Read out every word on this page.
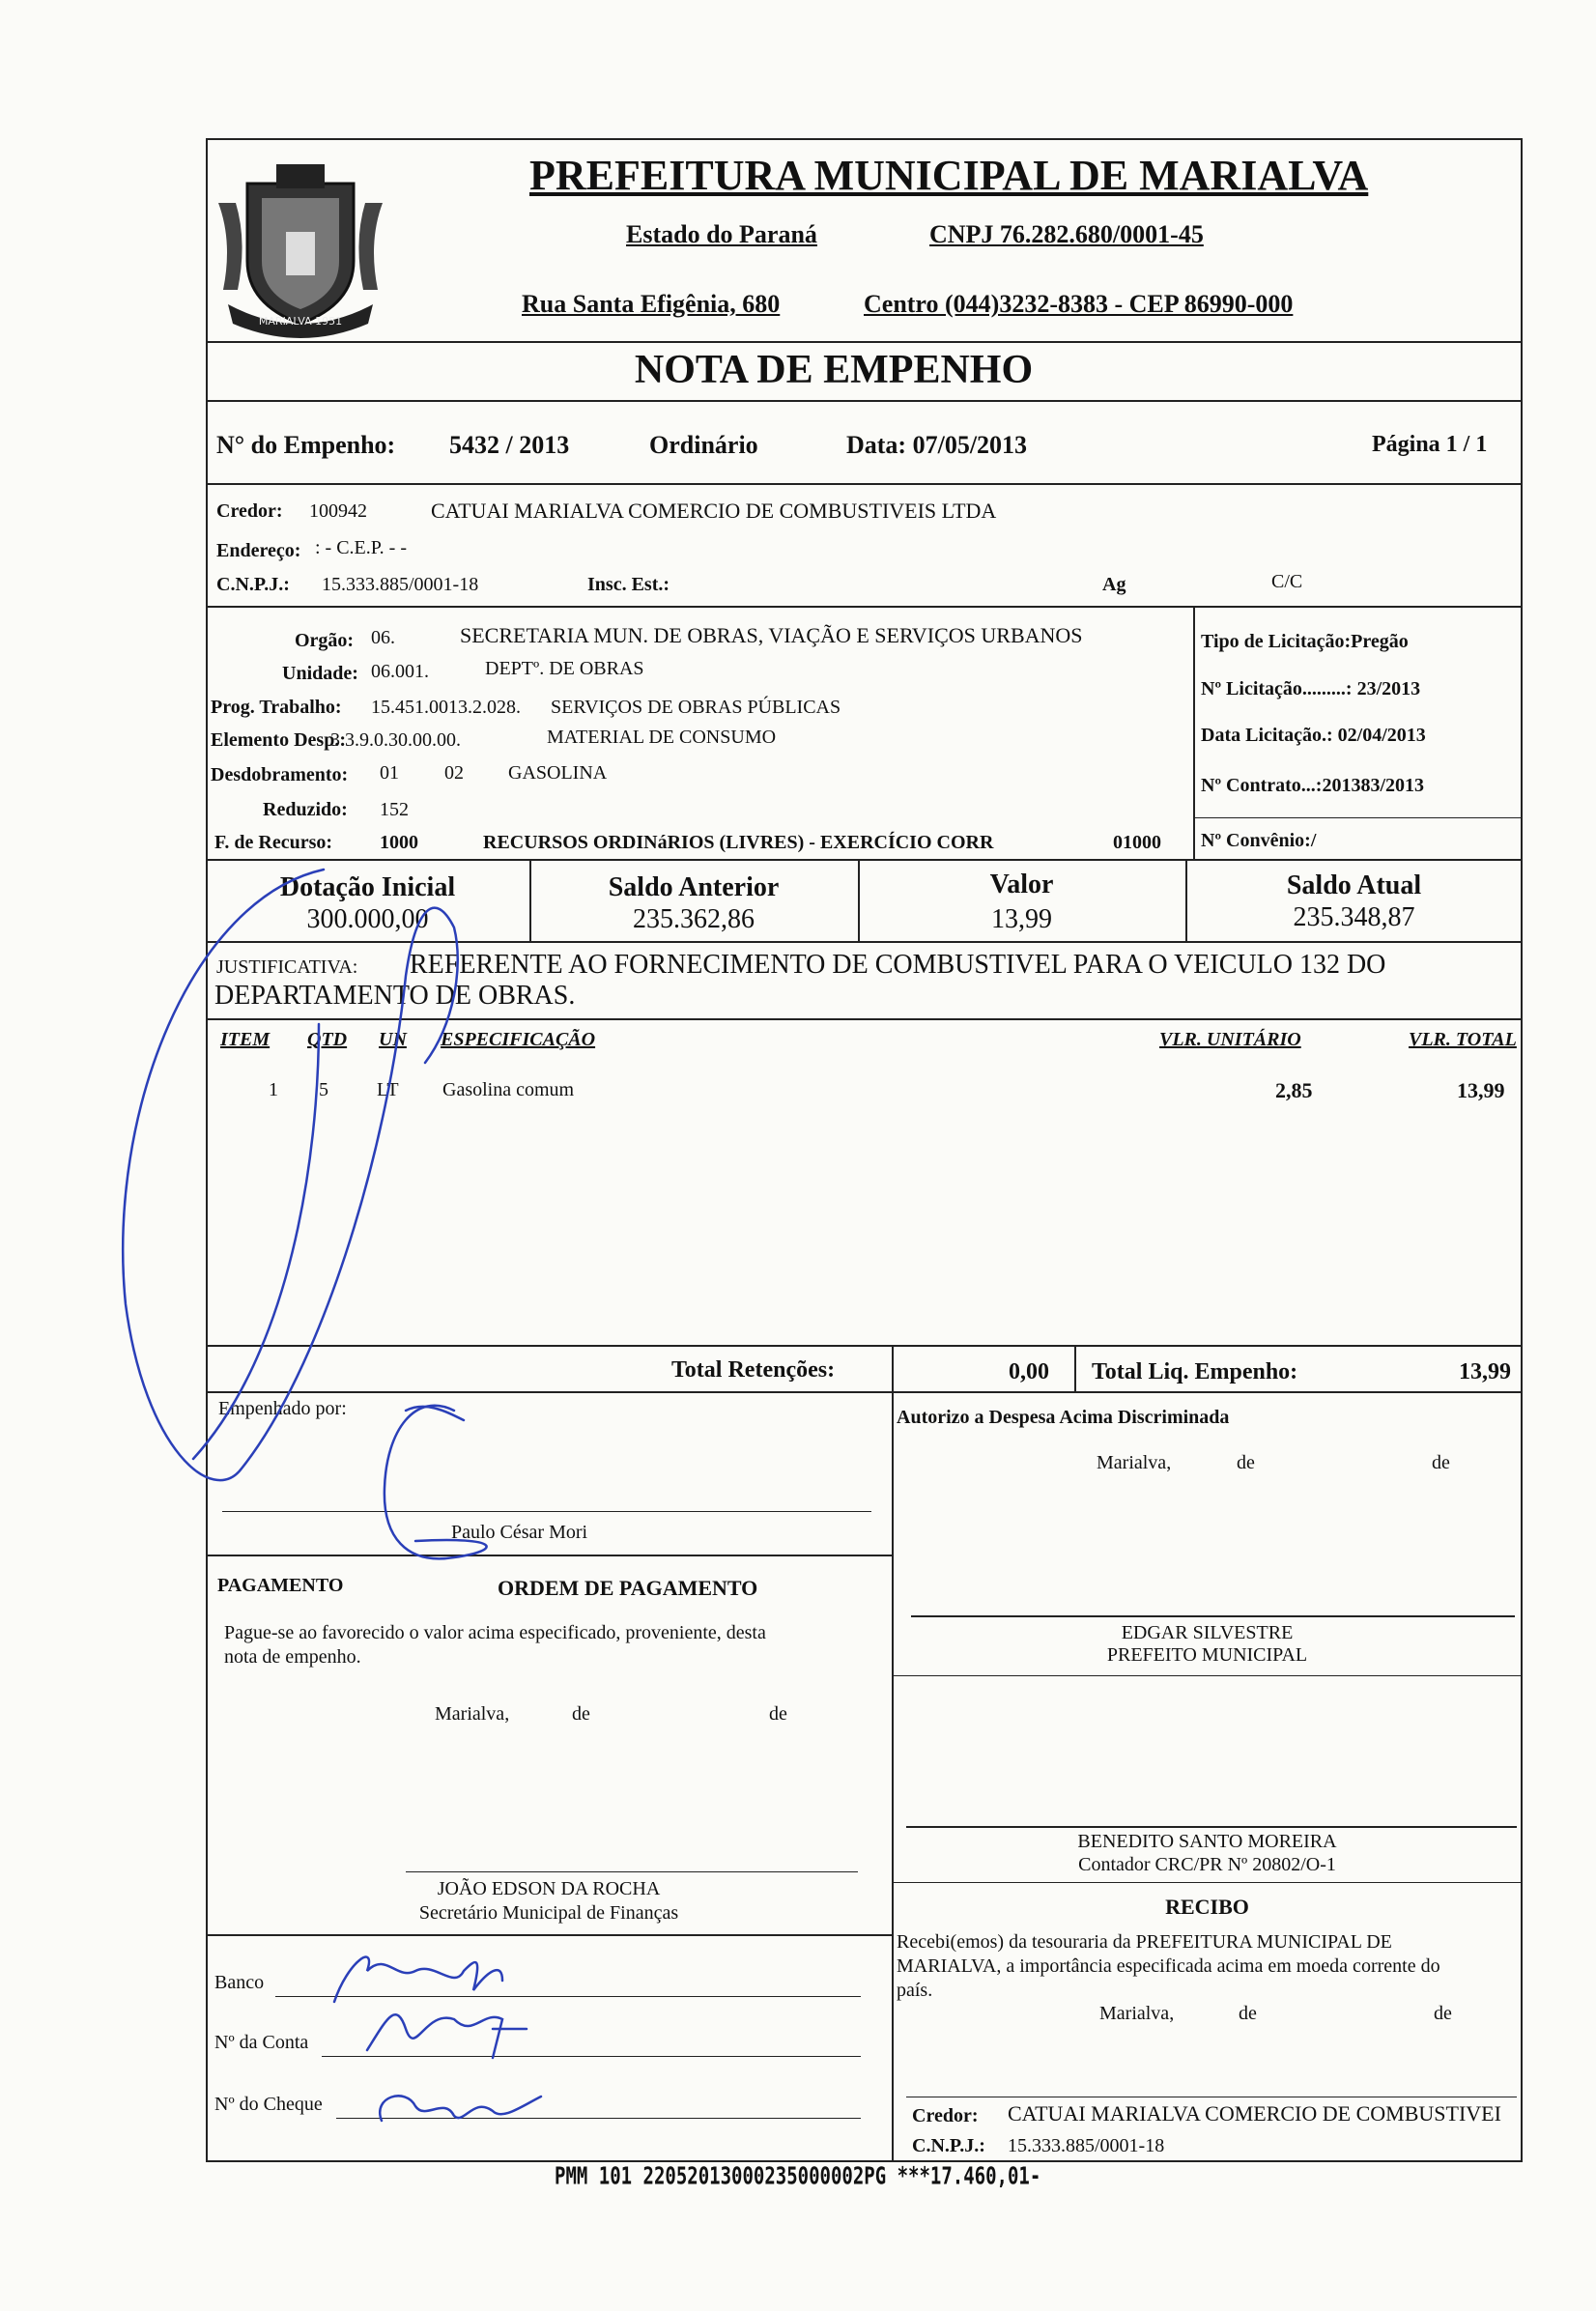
MARIALVA 1951
PREFEITURA MUNICIPAL DE MARIALVA
Estado do Paraná	CNPJ 76.282.680/0001-45
Rua Santa Efigênia, 680	Centro (044)3232-8383 - CEP 86990-000
NOTA DE EMPENHO
N° do Empenho: 5432 / 2013	Ordinário	Data: 07/05/2013	Página 1 / 1
Credor: 100942	CATUAI MARIALVA COMERCIO DE COMBUSTIVEIS LTDA
Endereço: : - C.E.P. - -
C.N.P.J.: 15.333.885/0001-18	Insc. Est.:	Ag	C/C
Orgão: 06.	SECRETARIA MUN. DE OBRAS, VIAÇÃO E SERVIÇOS URBANOS
Unidade: 06.001.	DEPTº. DE OBRAS
Prog. Trabalho: 15.451.0013.2.028. SERVIÇOS DE OBRAS PÚBLICAS
Elemento Desp.:
3.3.9.0.30.00.00.	MATERIAL DE CONSUMO
Desdobramento: 01 02 GASOLINA
Reduzido: 152
F. de Recurso: 1000	RECURSOS ORDINáRIOS (LIVRES) - EXERCÍCIO CORR	01000
Tipo de Licitação:Pregão
Nº Licitação.........: 23/2013
Data Licitação.: 02/04/2013
Nº Contrato...:201383/2013
Nº Convênio:/
Dotação Inicial
300.000,00
Saldo Anterior
235.362,86
Valor
13,99
Saldo Atual
235.348,87
JUSTIFICATIVA: REFERENTE AO FORNECIMENTO DE COMBUSTIVEL PARA O VEICULO 132 DO
DEPARTAMENTO DE OBRAS.
ITEM QTD UN ESPECIFICAÇÃO	VLR. UNITÁRIO	VLR. TOTAL
1 5	LT Gasolina comum	2,85	13,99
Total Retenções:	0,00 Total Liq. Empenho:	13,99
Empenhado por:
Paulo César Mori
Autorizo a Despesa Acima Discriminada
Marialva,	de	de
PAGAMENTO	ORDEM DE PAGAMENTO
Pague-se ao favorecido o valor acima especificado, proveniente, desta
nota de empenho.
Marialva,	de	de
JOÃO EDSON DA ROCHA
Secretário Municipal de Finanças
Banco
Nº da Conta
Nº do Cheque
EDGAR SILVESTRE
PREFEITO MUNICIPAL
BENEDITO SANTO MOREIRA
Contador CRC/PR Nº 20802/O-1
RECIBO
Recebi(emos) da tesouraria da PREFEITURA MUNICIPAL DE
MARIALVA, a importância especificada acima em moeda corrente do
país.
Marialva,	de	de
Credor: CATUAI MARIALVA COMERCIO DE COMBUSTIVEI
C.N.P.J.: 15.333.885/0001-18
PMM 101 22052013000235000002PG ***17.460,01-
